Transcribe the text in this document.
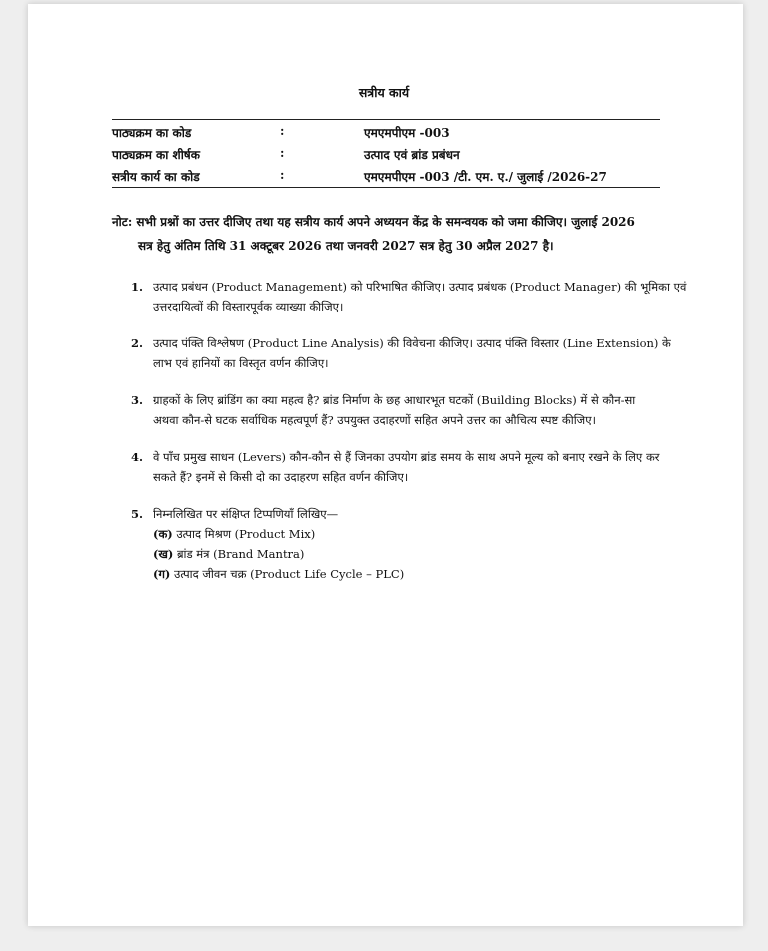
सत्रीय कार्य
पाठ्यक्रम का कोड	:	एमएमपीएम -003
पाठ्यक्रम का शीर्षक	:	उत्पाद एवं ब्रांड प्रबंधन
सत्रीय कार्य का कोड	:	एमएमपीएम -003 /टी. एम. ए./ जुलाई /2026-27
नोट: सभी प्रश्नों का उत्तर दीजिए तथा यह सत्रीय कार्य अपने अध्ययन केंद्र के समन्वयक को जमा कीजिए। जुलाई 2026
सत्र हेतु अंतिम तिथि 31 अक्टूबर 2026 तथा जनवरी 2027 सत्र हेतु 30 अप्रैल 2027 है।
1. उत्पाद प्रबंधन (Product Management) को परिभाषित कीजिए। उत्पाद प्रबंधक (Product Manager) की भूमिका एवं
उत्तरदायित्वों की विस्तारपूर्वक व्याख्या कीजिए।
2. उत्पाद पंक्ति विश्लेषण (Product Line Analysis) की विवेचना कीजिए। उत्पाद पंक्ति विस्तार (Line Extension) के
लाभ एवं हानियों का विस्तृत वर्णन कीजिए।
3. ग्राहकों के लिए ब्रांडिंग का क्या महत्व है? ब्रांड निर्माण के छह आधारभूत घटकों (Building Blocks) में से कौन-सा
अथवा कौन-से घटक सर्वाधिक महत्वपूर्ण हैं? उपयुक्त उदाहरणों सहित अपने उत्तर का औचित्य स्पष्ट कीजिए।
4. वे पाँच प्रमुख साधन (Levers) कौन-कौन से हैं जिनका उपयोग ब्रांड समय के साथ अपने मूल्य को बनाए रखने के लिए कर
सकते हैं? इनमें से किसी दो का उदाहरण सहित वर्णन कीजिए।
5. निम्नलिखित पर संक्षिप्त टिप्पणियाँ लिखिए—
(क) उत्पाद मिश्रण (Product Mix)
(ख) ब्रांड मंत्र (Brand Mantra)
(ग) उत्पाद जीवन चक्र (Product Life Cycle – PLC)
